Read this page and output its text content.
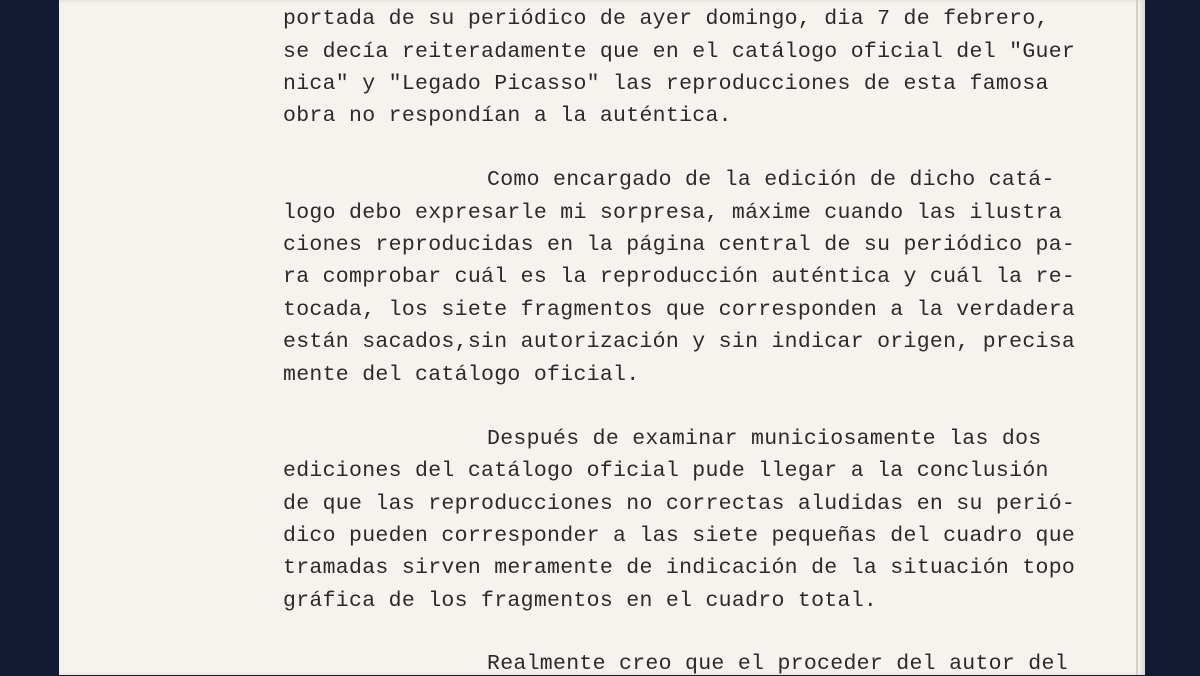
portada de su periódico de ayer domingo, dia 7 de febrero,
se decía reiteradamente que en el catálogo oficial del "Guer
nica" y "Legado Picasso" las reproducciones de esta famosa
obra no respondían a la auténtica.
Como encargado de la edición de dicho catá-
logo debo expresarle mi sorpresa, máxime cuando las ilustra
ciones reproducidas en la página central de su periódico pa-
ra comprobar cuál es la reproducción auténtica y cuál la re-
tocada, los siete fragmentos que corresponden a la verdadera
están sacados,sin autorización y sin indicar origen, precisa
mente del catálogo oficial.
Después de examinar municiosamente las dos
ediciones del catálogo oficial pude llegar a la conclusión
de que las reproducciones no correctas aludidas en su perió-
dico pueden corresponder a las siete pequeñas del cuadro que
tramadas sirven meramente de indicación de la situación topo
gráfica de los fragmentos en el cuadro total.
Realmente creo que el proceder del autor del
